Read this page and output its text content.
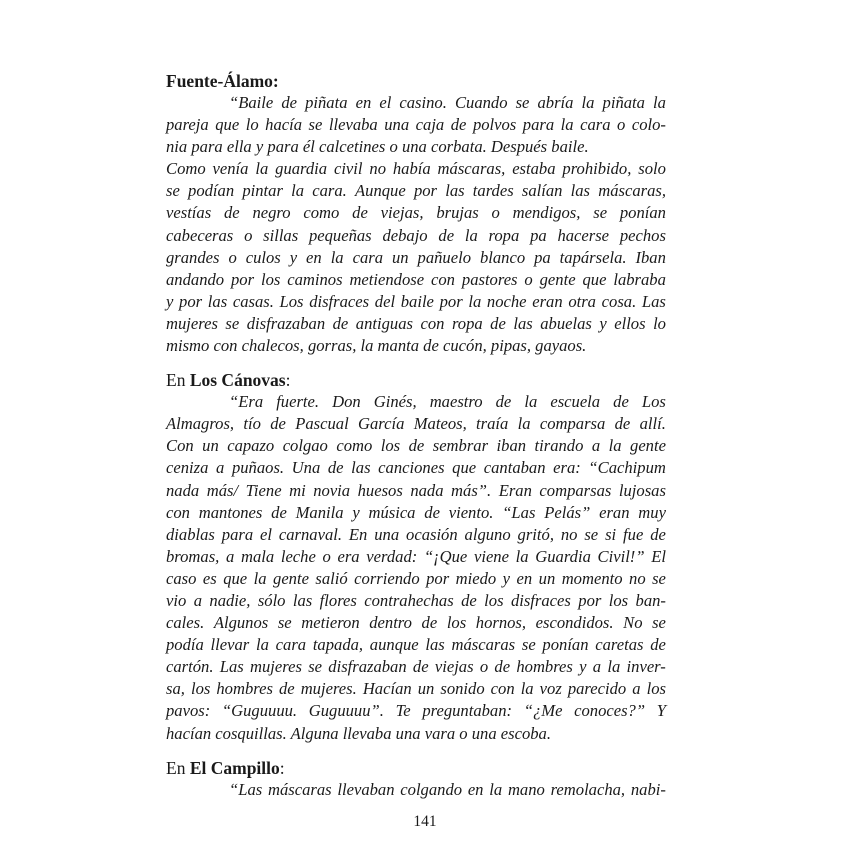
Fuente-Álamo:

“Baile de piñata en el casino. Cuando se abría la piñata la

pareja que lo hacía se llevaba una caja de polvos para la cara o colo-

nia para ella y para él calcetines o una corbata. Después baile.

Como venía la guardia civil no había máscaras, estaba prohibido, solo

se podían pintar la cara. Aunque por las tardes salían las máscaras,

vestías de negro como de viejas, brujas o mendigos, se ponían

cabeceras o sillas pequeñas debajo de la ropa pa hacerse pechos

grandes o culos y en la cara un pañuelo blanco pa tapársela. Iban

andando por los caminos metiendose con pastores o gente que labraba

y por las casas. Los disfraces del baile por la noche eran otra cosa. Las

mujeres se disfrazaban de antiguas con ropa de las abuelas y ellos lo

mismo con chalecos, gorras, la manta de cucón, pipas, gayaos.

En Los Cánovas:

“Era fuerte. Don Ginés, maestro de la escuela de Los

Almagros, tío de Pascual García Mateos, traía la comparsa de allí.

Con un capazo colgao como los de sembrar iban tirando a la gente

ceniza a puñaos. Una de las canciones que cantaban era: “Cachipum

nada más/ Tiene mi novia huesos nada más”. Eran comparsas lujosas

con mantones de Manila y música de viento. “Las Pelás” eran muy

diablas para el carnaval. En una ocasión alguno gritó, no se si fue de

bromas, a mala leche o era verdad: “¡Que viene la Guardia Civil!” El

caso es que la gente salió corriendo por miedo y en un momento no se

vio a nadie, sólo las flores contrahechas de los disfraces por los ban-

cales. Algunos se metieron dentro de los hornos, escondidos. No se

podía llevar la cara tapada, aunque las máscaras se ponían caretas de

cartón. Las mujeres se disfrazaban de viejas o de hombres y a la inver-

sa, los hombres de mujeres. Hacían un sonido con la voz parecido a los

pavos: “Guguuuu. Guguuuu”. Te preguntaban: “¿Me conoces?” Y

hacían cosquillas. Alguna llevaba una vara o una escoba.

En El Campillo:

“Las máscaras llevaban colgando en la mano remolacha, nabi-

141
